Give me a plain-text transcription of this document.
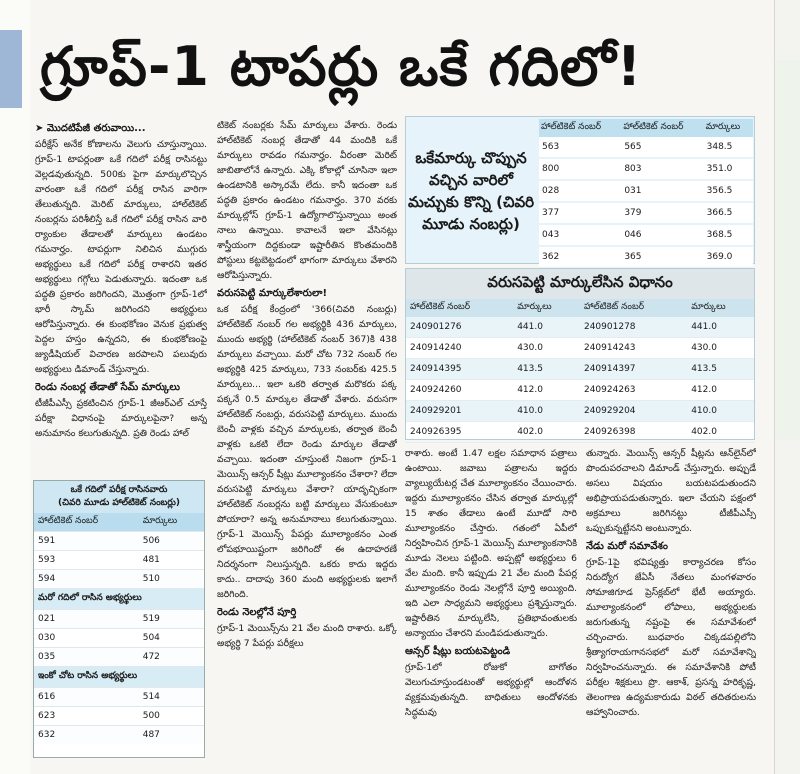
గ్రూప్-1 టాపర్లు ఒకే గదిలో!

➤ మొదటిపేజీ తరువాయి...

పరీక్షేస్ అనేక కోణాలను వెలుగు చూస్తున్నాయి. గ్రూప్-1 టాపర్లంతా ఒకే గదిలో పరీక్ష రాసినట్టు వెల్లడవుతున్నది. 500కు పైగా మార్కులొచ్చిన వారంతా ఒకే గదిలో పరీక్ష రాసిన వారిగా తేలుతున్నది. మెరిట్ మార్కులు, హాల్‌టికెట్ నంబర్లను పరిశీలిస్తే ఒకే గదిలో పరీక్ష రాసిన వారి ర్యాంకుల తేడాలతో మార్కులు ఉండటం గమనార్హం. టాపర్లుగా నిలిచిన ముగ్గురు అభ్యర్థులు ఒకే గదిలో పరీక్ష రాశారని ఇతర అభ్యర్థులు గగ్గోలు పెడుతున్నారు. ఇదంతా ఒక పద్ధతి ప్రకారం జరిగిందని, మొత్తంగా గ్రూప్-1లో భారీ స్కామ్ జరిగిందని అభ్యర్థులు ఆరోపిస్తున్నారు. ఈ కుంభకోణం వెనుక ప్రభుత్వ పెద్దల హస్తం ఉన్నదని, ఈ కుంభకోణంపై జ్యుడీషియల్ విచారణ జరపాలని పలువురు అభ్యర్థులు డిమాండ్ చేస్తున్నారు.

రెండు నంబర్ల తేడాతో సేమ్ మార్కులు

టీజీపీఎస్సీ ప్రకటించిన గ్రూప్-1 జీఆర్ఎల్ చూస్తే పరీక్షా విధానంపై మార్కులపైనా? అన్న అనుమానం కలుగుతున్నది. ప్రతి రెండు హాల్

ఒకే గదిలో పరీక్ష రాసినవారు
(చివరి మూడు హాల్‌టికెట్ నంబర్లు)
హాల్‌టికెట్ నంబర్	మార్కులు
591	506
593	481
594	510
మరో గదిలో రాసిన అభ్యర్థులు	
021	519
030	504
035	472
ఇంకో చోట రాసిన అభ్యర్థులు	
616	514
623	500
632	487

టికెట్ నంబర్లకు సేమ్ మార్కులు వేశారు. రెండు హాల్‌టికెట్ నంబర్ల తేడాతో 44 మందికి ఒకే మార్కులు రావడం గమనార్హం. వీరంతా మెరిట్ జాబితాలోనే ఉన్నారు. ఎక్కి కోకాల్లో చూసినా ఇలా ఉండటానికి అస్కారమే లేదు. కానీ ఇదంతా ఒక పద్ధతి ప్రకారం ఉండటం గమనార్హం. 370 వరకు మార్కుల్లోస్ గ్రూప్-1 ఉద్యోగాలొస్తున్నాయి అంత నాలు ఉన్నాయి. కావాలనే ఇలా వేసినట్లు శాస్త్రీయంగా దిద్దకుండా ఇష్టారీతిన కొంతమందికి పోస్టులు కట్టబెట్టడంలో భాగంగా మార్కులు వేశారని ఆరోపిస్తున్నారు.

వరుసపెట్టి మార్కులేశారులా!

ఒక పరీక్ష కేంద్రంలో '366(చివరి నంబర్లు) హాల్‌టికెట్ నంబర్ గల అభ్యర్థికి 436 మార్కులు, ముందు అభ్యర్థి (హాల్‌టికెట్ నంబర్ 367)కి 438 మార్కులు వచ్చాయి. మరో చోట 732 నంబర్ గల అభ్యర్థికి 425 మార్కులు, 733 నంబర్‌కు 425.5 మార్కులు... ఇలా ఒకరి తర్వాత మరొకరు పక్క పక్కనే 0.5 మార్కుల తేడాతో వేశారు. వరుసగా హాల్‌టికెట్ నంబర్లు, వరుసపెట్టి మార్కులు. ముందు బెంచీ వాళ్లకు వచ్చిన మార్కులకు, తర్వాత బెంచీ వాళ్లకు ఒకటి లేదా రెండు మార్కుల తేడాతో వచ్చాయి. ఇదంతా చూస్తుంటే నిజంగా గ్రూప్-1 మెయిన్స్ ఆన్సర్ షీట్లు మూల్యాంకనం చేశారా? లేదా వరుసపెట్టి మార్కులు వేశారా? యాదృచ్ఛికంగా హాల్‌టికెట్ నంబర్లను బట్టి మార్కులు వేసుకుంటూ పోయారా? అన్న అనుమానాలు కలుగుతున్నాయి. గ్రూప్-1 మెయిన్స్ పేపర్లు మూల్యాంకనం ఎంత లోపభూయిష్టంగా జరిగిందో ఈ ఉదాహరణే నిదర్శనంగా నిలుస్తున్నది. ఒకరు కాదు ఇద్దరు కాదు.. దాదాపు 360 మంది అభ్యర్థులకు ఇలాగే జరిగింది.

రెండు నెలల్లోనే పూర్తి

గ్రూప్-1 మెయిన్స్‌ను 21 వేల మంది రాశారు. ఒక్కో అభ్యర్థి 7 పేపర్లు పరీక్షలు

ఒకేమార్కు చొప్పున వచ్చిన వారిలో మచ్చుకు కొన్ని (చివరి మూడు నంబర్లు)
హాల్‌టికెట్ నంబర్	హాల్‌టికెట్ నంబర్	మార్కులు
563	565	348.5
800	803	351.0
028	031	356.5
377	379	366.5
043	046	368.5
362	365	369.0
వరుసపెట్టి మార్కులేసిన విధానం
హాల్‌టికెట్ నంబర్	మార్కులు	హాల్‌టికెట్ నంబర్	మార్కులు
240901276	441.0	240901278	441.0
240914240	430.0	240914243	430.0
240914395	413.5	240914397	413.5
240924260	412.0	240924263	412.0
240929201	410.0	240929204	410.0
240926395	402.0	240926398	402.0

రాశారు. అంటే 1.47 లక్షల సమాధాన పత్రాలు ఉంటాయి. జవాబు పత్రాలను ఇద్దరు వ్యాల్యుయేటర్ల చేత మూల్యాంకనం చేయించారు. ఇద్దరు మూల్యాంకనం చేసిన తర్వాత మార్కుల్లో 15 శాతం తేడాలు ఉంటే మూడో సారి మూల్యాంకనం చేస్తారు. గతంలో ఏపీలో నిర్వహించిన గ్రూప్-1 మెయిన్స్ మూల్యాంకనానికి మూడు నెలలు పట్టింది. అప్పట్లో అభ్యర్థులు 6 వేల మంది. కానీ ఇప్పుడు 21 వేల మంది పేపర్ల మూల్యాంకనం రెండు నెలల్లోనే పూర్తి అయ్యింది. ఇది ఎలా సాధ్యమని అభ్యర్థులు ప్రశ్నిస్తున్నారు. ఇష్టారీతిన మార్కులేసి, ప్రతిభావంతులకు అన్యాయం చేశారని మండిపడుతున్నారు.

ఆన్సర్ షీట్లు బయటపెట్టండి

గ్రూప్-1లో రోజుకో బాగోతం వెలుగుచూస్తుండటంతో అభ్యర్థుల్లో ఆందోళన వ్యక్తమవుతున్నది. బాధితులు ఆందోళనకు సిద్ధమవు

తున్నారు. మెయిన్స్ ఆన్సర్ షీట్లను ఆన్‌లైన్‌లో పొందుపరచాలని డిమాండ్ చేస్తున్నారు. అప్పుడే అసలు విషయం బయటపడుతుందని అభిప్రాయపడుతున్నారు. ఇలా చేయని పక్షంలో అక్రమాలు జరిగినట్టు టీజీపీఎస్సీ ఒప్పుకున్నట్టేనని అంటున్నారు.

నేడు మరో సమావేశం

గ్రూప్-1పై భవిష్యత్తు కార్యాచరణ కోసం నిరుద్యోగ జేఏసీ నేతలు మంగళవారం సోమాజిగూడ ప్రెస్‌క్లబ్‌లో భేటీ అయ్యారు. మూల్యాంకనంలో లోపాలు, అభ్యర్థులకు జరుగుతున్న నష్టంపై ఈ సమావేశంలో చర్చించారు. బుధవారం చిక్కడపల్లిలోని శ్రీత్యాగరాయగానసభలో మరో సమావేశాన్ని నిర్వహించనున్నారు. ఈ సమావేశానికి పోటీ పరీక్షల శిక్షకులు ప్రొ. ఆకాశ్, ప్రసన్న హరికృష్ణ, తెలంగాణ ఉద్యమకారుడు విఠల్ తదితరులను ఆహ్వానించారు.
